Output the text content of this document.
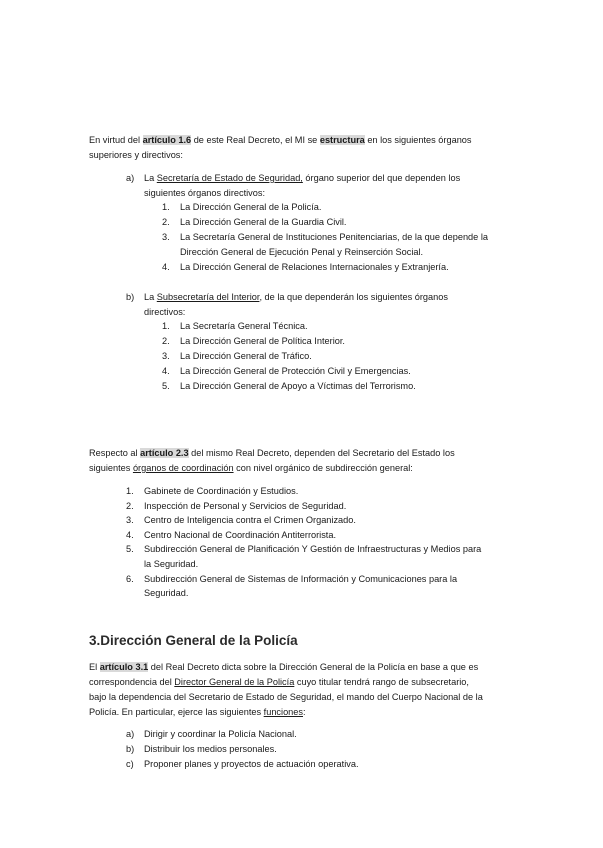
En virtud del artículo 1.6 de este Real Decreto, el MI se estructura en los siguientes órganos
superiores y directivos:
a) La Secretaría de Estado de Seguridad, órgano superior del que dependen los
siguientes órganos directivos:
1. La Dirección General de la Policía.
2. La Dirección General de la Guardia Civil.
3. La Secretaría General de Instituciones Penitenciarias, de la que depende la
Dirección General de Ejecución Penal y Reinserción Social.
4. La Dirección General de Relaciones Internacionales y Extranjería.
b) La Subsecretaría del Interior, de la que dependerán los siguientes órganos
directivos:
1. La Secretaría General Técnica.
2. La Dirección General de Política Interior.
3. La Dirección General de Tráfico.
4. La Dirección General de Protección Civil y Emergencias.
5. La Dirección General de Apoyo a Víctimas del Terrorismo.
Respecto al artículo 2.3 del mismo Real Decreto, dependen del Secretario del Estado los
siguientes órganos de coordinación con nivel orgánico de subdirección general:
1. Gabinete de Coordinación y Estudios.
2. Inspección de Personal y Servicios de Seguridad.
3. Centro de Inteligencia contra el Crimen Organizado.
4. Centro Nacional de Coordinación Antiterrorista.
5. Subdirección General de Planificación Y Gestión de Infraestructuras y Medios para
la Seguridad.
6. Subdirección General de Sistemas de Información y Comunicaciones para la
Seguridad.
3.Dirección General de la Policía
El artículo 3.1 del Real Decreto dicta sobre la Dirección General de la Policía en base a que es
correspondencia del Director General de la Policía cuyo titular tendrá rango de subsecretario,
bajo la dependencia del Secretario de Estado de Seguridad, el mando del Cuerpo Nacional de la
Policía. En particular, ejerce las siguientes funciones:
a) Dirigir y coordinar la Policía Nacional.
b) Distribuir los medios personales.
c) Proponer planes y proyectos de actuación operativa.
